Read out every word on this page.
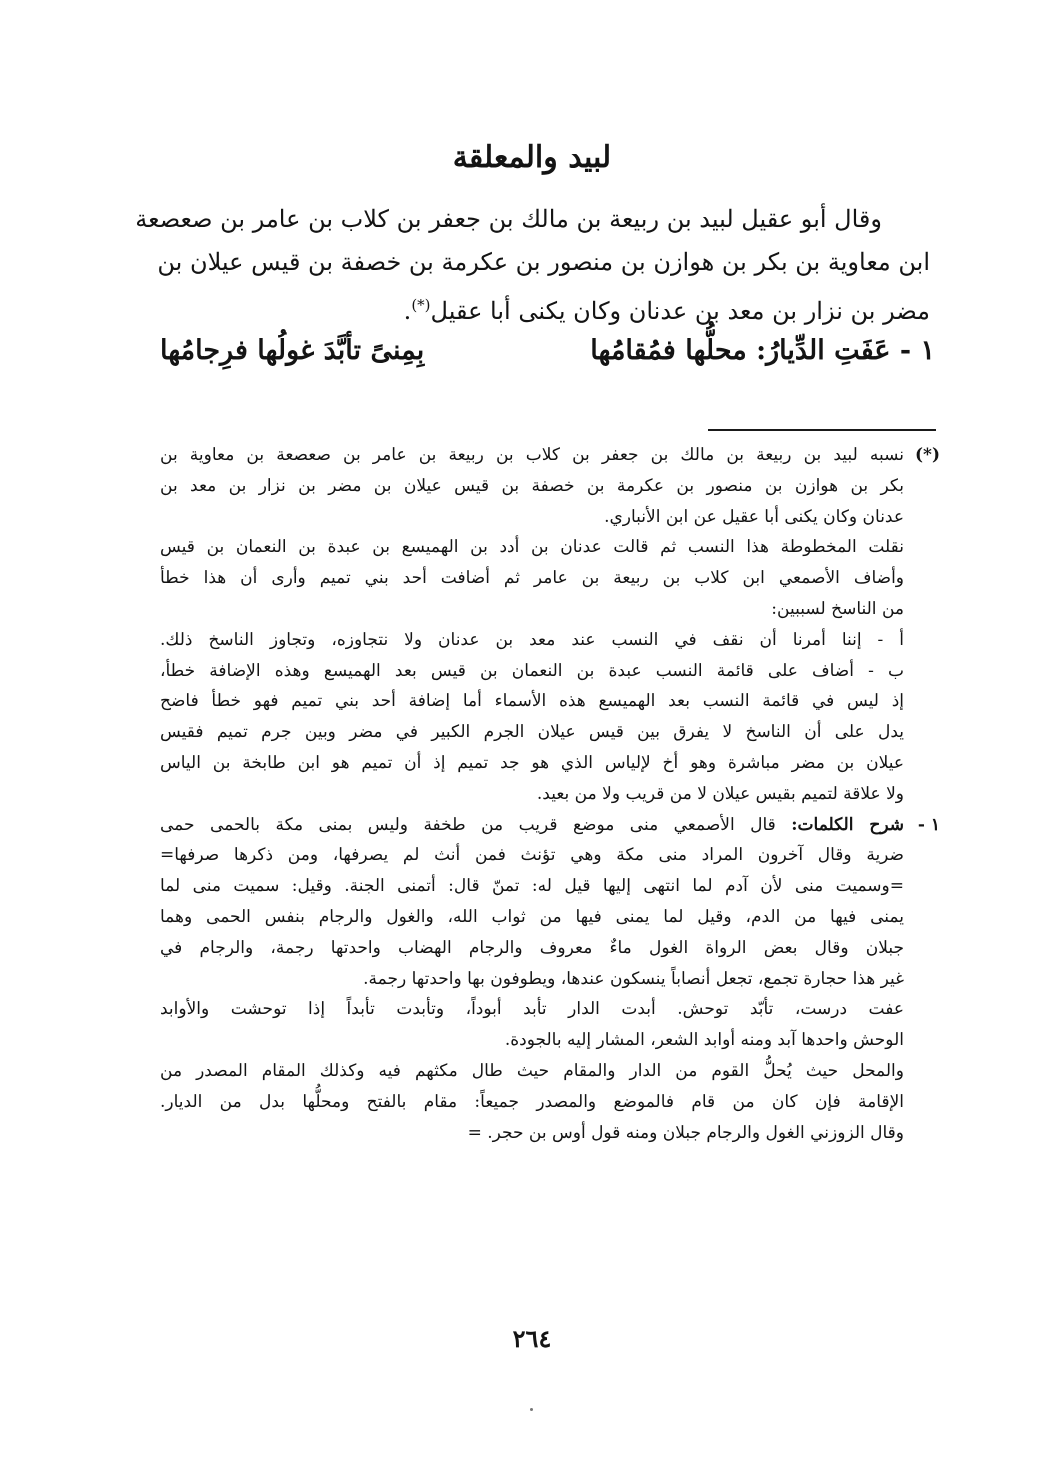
لبيد والمعلقة

وقال أبو عقيل لبيد بن ربيعة بن مالك بن جعفر بن كلاب بن عامر بن صعصعة
ابن معاوية بن بكر بن هوازن بن منصور بن عكرمة بن خصفة بن قيس عيلان بن
مضر بن نزار بن معد بن عدنان وكان يكنى أبا عقيل(*).

١ - عَفَتِ الدِّيارُ: محلُّها فمُقامُها
بِمِنىً تأبَّدَ غولُها فرِجامُها
(*)
نسبه لبيد بن ربيعة بن مالك بن جعفر بن كلاب بن ربيعة بن عامر بن صعصعة بن معاوية بن
بكر بن هوازن بن منصور بن عكرمة بن خصفة بن قيس عيلان بن مضر بن نزار بن معد بن
عدنان وكان يكنى أبا عقيل عن ابن الأنباري.
نقلت المخطوطة هذا النسب ثم قالت عدنان بن أدد بن الهميسع بن عبدة بن النعمان بن قيس
وأضاف الأصمعي ابن كلاب بن ربيعة بن عامر ثم أضافت أحد بني تميم وأرى أن هذا خطأ
من الناسخ لسببين:
أ - إننا أمرنا أن نقف في النسب عند معد بن عدنان ولا نتجاوزه، وتجاوز الناسخ ذلك.
ب - أضاف على قائمة النسب عبدة بن النعمان بن قيس بعد الهميسع وهذه الإضافة خطأ،
إذ ليس في قائمة النسب بعد الهميسع هذه الأسماء أما إضافة أحد بني تميم فهو خطأ فاضح
يدل على أن الناسخ لا يفرق بين قيس عيلان الجرم الكبير في مضر وبين جرم تميم فقيس
عيلان بن مضر مباشرة وهو أخ لإلياس الذي هو جد تميم إذ أن تميم هو ابن طابخة بن الياس
ولا علاقة لتميم بقيس عيلان لا من قريب ولا من بعيد.
١ -
شرح الكلمات: قال الأصمعي منى موضع قريب من طخفة وليس بمنى مكة بالحمى حمى
ضرية وقال آخرون المراد منى مكة وهي تؤنث فمن أنث لم يصرفها، ومن ذكرها صرفها=
=وسميت منى لأن آدم لما انتهى إليها قيل له: تمنّ قال: أتمنى الجنة. وقيل: سميت منى لما
يمنى فيها من الدم، وقيل لما يمنى فيها من ثواب الله، والغول والرجام بنفس الحمى وهما
جبلان وقال بعض الرواة الغول ماءٌ معروف والرجام الهضاب واحدتها رجمة، والرجام في
غير هذا حجارة تجمع، تجعل أنصاباً ينسكون عندها، ويطوفون بها واحدتها رجمة.
عفت درست، تأبّد توحش. أبدت الدار تأبد أبوداً، وتأبدت تأبداً إذا توحشت والأوابد
الوحش واحدها آبد ومنه أوابد الشعر، المشار إليه بالجودة.
والمحل حيث يُحلُّ القوم من الدار والمقام حيث طال مكثهم فيه وكذلك المقام المصدر من
الإقامة فإن كان من قام فالموضع والمصدر جميعاً: مقام بالفتح ومحلُّها بدل من الديار.
وقال الزوزني الغول والرجام جبلان ومنه قول أوس بن حجر. =
٢٦٤
